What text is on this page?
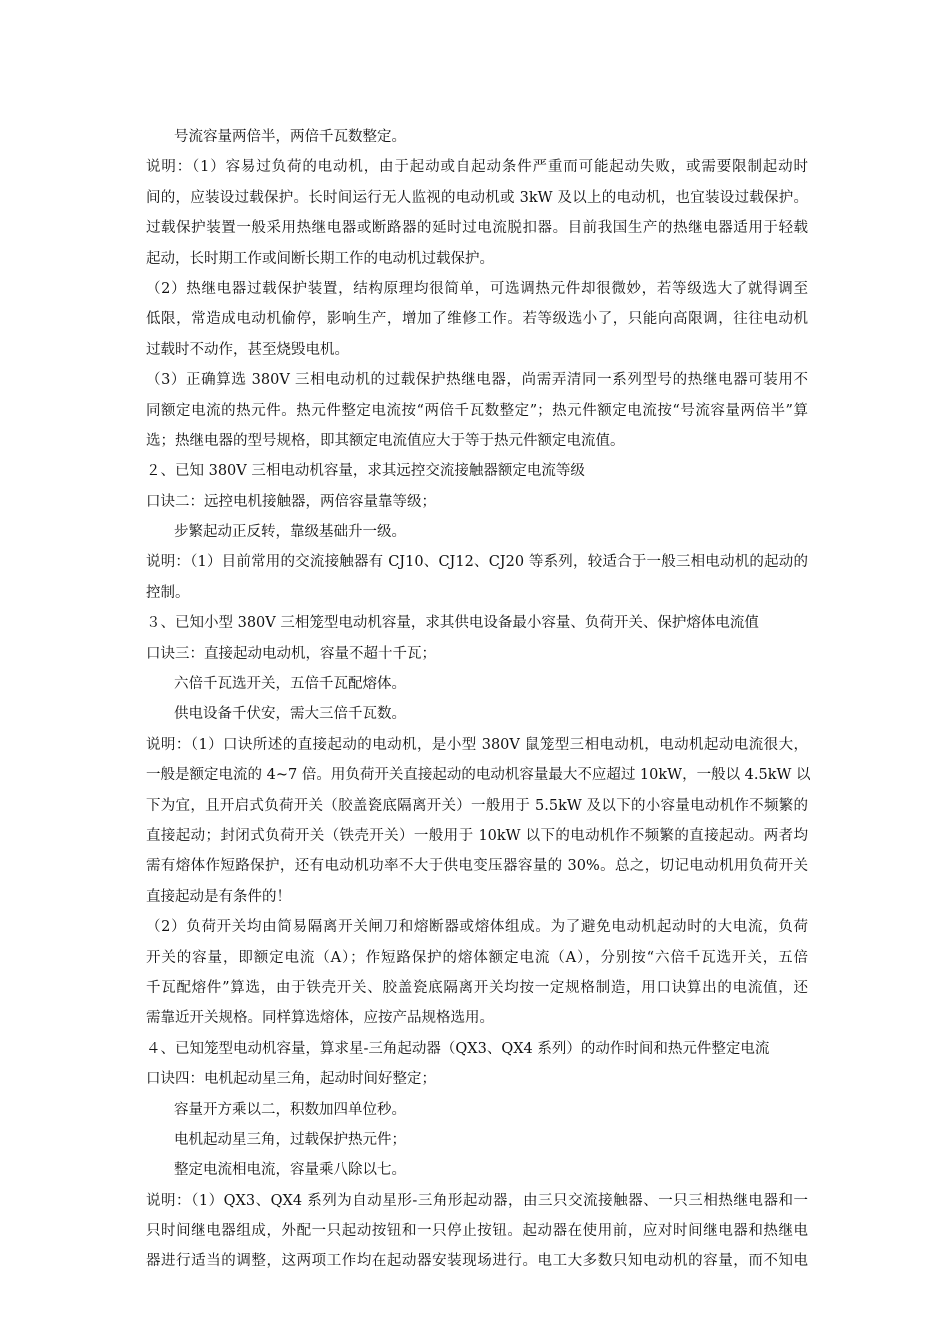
号流容量两倍半，两倍千瓦数整定。
说明：（1）容易过负荷的电动机，由于起动或自起动条件严重而可能起动失败，或需要限制起动时
间的，应装设过载保护。长时间运行无人监视的电动机或 3kW 及以上的电动机，也宜装设过载保护。
过载保护装置一般采用热继电器或断路器的延时过电流脱扣器。目前我国生产的热继电器适用于轻载
起动，长时期工作或间断长期工作的电动机过载保护。
（2）热继电器过载保护装置，结构原理均很简单，可选调热元件却很微妙，若等级选大了就得调至
低限，常造成电动机偷停，影响生产，增加了维修工作。若等级选小了，只能向高限调，往往电动机
过载时不动作，甚至烧毁电机。
（3）正确算选 380V 三相电动机的过载保护热继电器，尚需弄清同一系列型号的热继电器可装用不
同额定电流的热元件。热元件整定电流按“两倍千瓦数整定”；热元件额定电流按“号流容量两倍半”算
选；热继电器的型号规格，即其额定电流值应大于等于热元件额定电流值。
２、已知 380V 三相电动机容量，求其远控交流接触器额定电流等级
口诀二：远控电机接触器，两倍容量靠等级；
步繁起动正反转，靠级基础升一级。
说明：（1）目前常用的交流接触器有 CJ10、CJ12、CJ20 等系列，较适合于一般三相电动机的起动的
控制。
３、已知小型 380V 三相笼型电动机容量，求其供电设备最小容量、负荷开关、保护熔体电流值
口诀三：直接起动电动机，容量不超十千瓦；
六倍千瓦选开关，五倍千瓦配熔体。
供电设备千伏安，需大三倍千瓦数。
说明：（1）口诀所述的直接起动的电动机，是小型 380V 鼠笼型三相电动机，电动机起动电流很大，
一般是额定电流的 4~7 倍。用负荷开关直接起动的电动机容量最大不应超过 10kW，一般以 4.5kW 以
下为宜，且开启式负荷开关（胶盖瓷底隔离开关）一般用于 5.5kW 及以下的小容量电动机作不频繁的
直接起动；封闭式负荷开关（铁壳开关）一般用于 10kW 以下的电动机作不频繁的直接起动。两者均
需有熔体作短路保护，还有电动机功率不大于供电变压器容量的 30%。总之，切记电动机用负荷开关
直接起动是有条件的！
（2）负荷开关均由简易隔离开关闸刀和熔断器或熔体组成。为了避免电动机起动时的大电流，负荷
开关的容量，即额定电流（A）；作短路保护的熔体额定电流（A），分别按“六倍千瓦选开关，五倍
千瓦配熔件”算选，由于铁壳开关、胶盖瓷底隔离开关均按一定规格制造，用口诀算出的电流值，还
需靠近开关规格。同样算选熔体，应按产品规格选用。
４、已知笼型电动机容量，算求星-三角起动器（QX3、QX4 系列）的动作时间和热元件整定电流
口诀四：电机起动星三角，起动时间好整定；
容量开方乘以二，积数加四单位秒。
电机起动星三角，过载保护热元件；
整定电流相电流，容量乘八除以七。
说明：（1）QX3、QX4 系列为自动星形-三角形起动器，由三只交流接触器、一只三相热继电器和一
只时间继电器组成，外配一只起动按钮和一只停止按钮。起动器在使用前，应对时间继电器和热继电
器进行适当的调整，这两项工作均在起动器安装现场进行。电工大多数只知电动机的容量，而不知电
